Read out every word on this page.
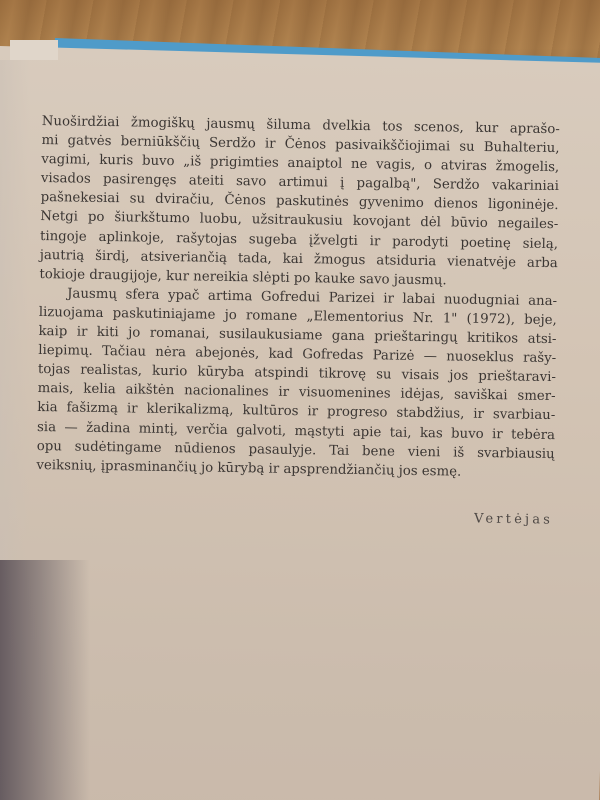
Nuoširdžiai žmogiškų jausmų šiluma dvelkia tos scenos, kur aprašo-
mi gatvės berniūkščių Serdžo ir Čėnos pasivaikščiojimai su Buhalteriu,
vagimi, kuris buvo „iš prigimties anaiptol ne vagis, o atviras žmogelis,
visados pasirengęs ateiti savo artimui į pagalbą", Serdžo vakariniai
pašnekesiai su dviračiu, Čėnos paskutinės gyvenimo dienos ligoninėje.
Netgi po šiurkštumo luobu, užsitraukusiu kovojant dėl būvio negailes-
tingoje aplinkoje, rašytojas sugeba įžvelgti ir parodyti poetinę sielą,
jautrią širdį, atsiveriančią tada, kai žmogus atsiduria vienatvėje arba
tokioje draugijoje, kur nereikia slėpti po kauke savo jausmų.
Jausmų sfera ypač artima Gofredui Parizei ir labai nuodugniai ana-
lizuojama paskutiniajame jo romane „Elementorius Nr. 1" (1972), beje,
kaip ir kiti jo romanai, susilaukusiame gana prieštaringų kritikos atsi-
liepimų. Tačiau nėra abejonės, kad Gofredas Parizė — nuoseklus rašy-
tojas realistas, kurio kūryba atspindi tikrovę su visais jos prieštaravi-
mais, kelia aikštėn nacionalines ir visuomenines idėjas, saviškai smer-
kia fašizmą ir klerikalizmą, kultūros ir progreso stabdžius, ir svarbiau-
sia — žadina mintį, verčia galvoti, mąstyti apie tai, kas buvo ir tebėra
opu sudėtingame nūdienos pasaulyje. Tai bene vieni iš svarbiausių
veiksnių, įprasminančių jo kūrybą ir apsprendžiančių jos esmę.
Vertėjas
